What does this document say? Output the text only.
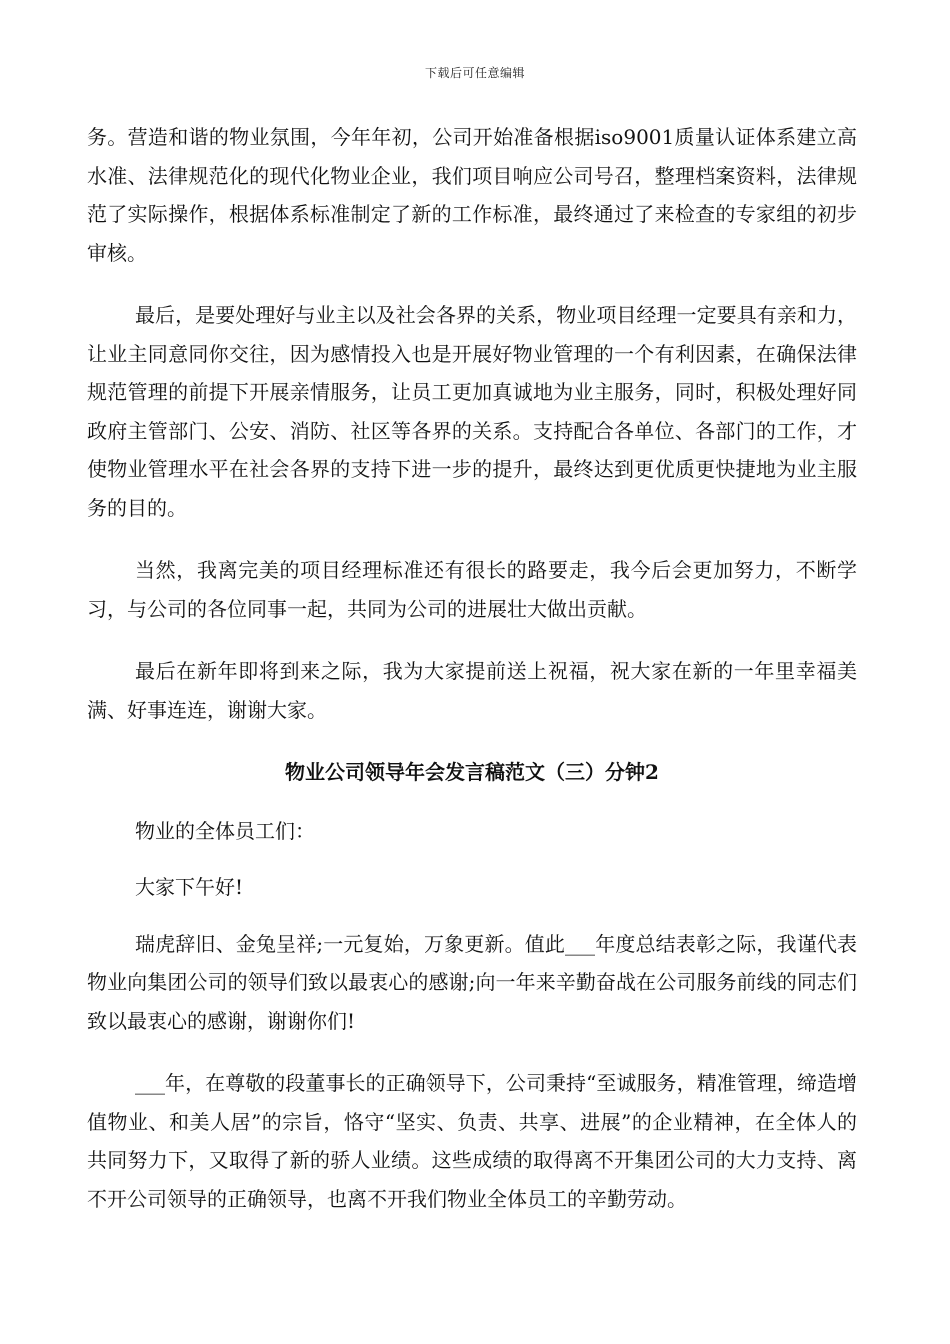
下载后可任意编辑

务。营造和谐的物业氛围，今年年初，公司开始准备根据iso9001质量认证体系建立高水准、法律规范化的现代化物业企业，我们项目响应公司号召，整理档案资料，法律规范了实际操作，根据体系标准制定了新的工作标准，最终通过了来检查的专家组的初步审核。

最后，是要处理好与业主以及社会各界的关系，物业项目经理一定要具有亲和力，让业主同意同你交往，因为感情投入也是开展好物业管理的一个有利因素，在确保法律规范管理的前提下开展亲情服务，让员工更加真诚地为业主服务，同时，积极处理好同政府主管部门、公安、消防、社区等各界的关系。支持配合各单位、各部门的工作，才使物业管理水平在社会各界的支持下进一步的提升，最终达到更优质更快捷地为业主服务的目的。

当然，我离完美的项目经理标准还有很长的路要走，我今后会更加努力，不断学习，与公司的各位同事一起，共同为公司的进展壮大做出贡献。

最后在新年即将到来之际，我为大家提前送上祝福，祝大家在新的一年里幸福美满、好事连连，谢谢大家。

物业公司领导年会发言稿范文（三）分钟2

物业的全体员工们：

大家下午好!

瑞虎辞旧、金兔呈祥;一元复始，万象更新。值此___年度总结表彰之际，我谨代表物业向集团公司的领导们致以最衷心的感谢;向一年来辛勤奋战在公司服务前线的同志们致以最衷心的感谢，谢谢你们!

___年，在尊敬的段董事长的正确领导下，公司秉持“至诚服务，精准管理，缔造增值物业、和美人居”的宗旨，恪守“坚实、负责、共享、进展”的企业精神，在全体人的共同努力下，又取得了新的骄人业绩。这些成绩的取得离不开集团公司的大力支持、离不开公司领导的正确领导，也离不开我们物业全体员工的辛勤劳动。
